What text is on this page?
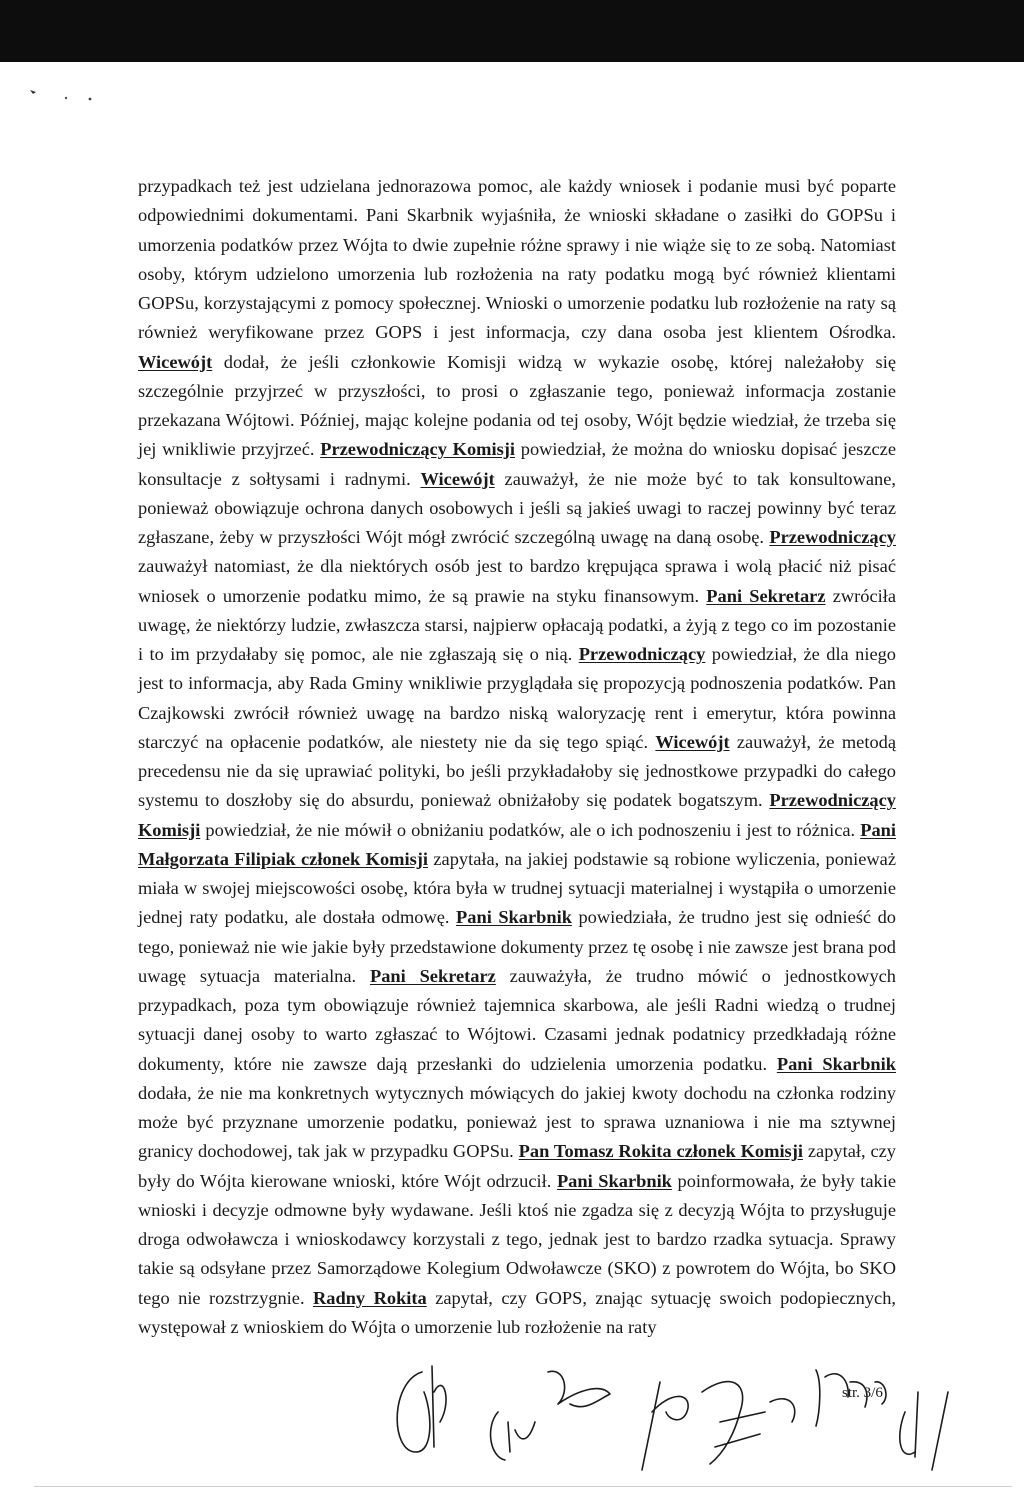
przypadkach też jest udzielana jednorazowa pomoc, ale każdy wniosek i podanie musi być poparte odpowiednimi dokumentami. Pani Skarbnik wyjaśniła, że wnioski składane o zasiłki do GOPSu i umorzenia podatków przez Wójta to dwie zupełnie różne sprawy i nie wiąże się to ze sobą. Natomiast osoby, którym udzielono umorzenia lub rozłożenia na raty podatku mogą być również klientami GOPSu, korzystającymi z pomocy społecznej. Wnioski o umorzenie podatku lub rozłożenie na raty są również weryfikowane przez GOPS i jest informacja, czy dana osoba jest klientem Ośrodka. Wicewójt dodał, że jeśli członkowie Komisji widzą w wykazie osobę, której należałoby się szczególnie przyjrzeć w przyszłości, to prosi o zgłaszanie tego, ponieważ informacja zostanie przekazana Wójtowi. Później, mając kolejne podania od tej osoby, Wójt będzie wiedział, że trzeba się jej wnikliwie przyjrzeć. Przewodniczący Komisji powiedział, że można do wniosku dopisać jeszcze konsultacje z sołtysami i radnymi. Wicewójt zauważył, że nie może być to tak konsultowane, ponieważ obowiązuje ochrona danych osobowych i jeśli są jakieś uwagi to raczej powinny być teraz zgłaszane, żeby w przyszłości Wójt mógł zwrócić szczególną uwagę na daną osobę. Przewodniczący zauważył natomiast, że dla niektórych osób jest to bardzo krępująca sprawa i wolą płacić niż pisać wniosek o umorzenie podatku mimo, że są prawie na styku finansowym. Pani Sekretarz zwróciła uwagę, że niektórzy ludzie, zwłaszcza starsi, najpierw opłacają podatki, a żyją z tego co im pozostanie i to im przydałaby się pomoc, ale nie zgłaszają się o nią. Przewodniczący powiedział, że dla niego jest to informacja, aby Rada Gminy wnikliwie przyglądała się propozycją podnoszenia podatków. Pan Czajkowski zwrócił również uwagę na bardzo niską waloryzację rent i emerytur, która powinna starczyć na opłacenie podatków, ale niestety nie da się tego spiąć. Wicewójt zauważył, że metodą precedensu nie da się uprawiać polityki, bo jeśli przykładałoby się jednostkowe przypadki do całego systemu to doszłoby się do absurdu, ponieważ obniżałoby się podatek bogatszym. Przewodniczący Komisji powiedział, że nie mówił o obniżaniu podatków, ale o ich podnoszeniu i jest to różnica. Pani Małgorzata Filipiak członek Komisji zapytała, na jakiej podstawie są robione wyliczenia, ponieważ miała w swojej miejscowości osobę, która była w trudnej sytuacji materialnej i wystąpiła o umorzenie jednej raty podatku, ale dostała odmowę. Pani Skarbnik powiedziała, że trudno jest się odnieść do tego, ponieważ nie wie jakie były przedstawione dokumenty przez tę osobę i nie zawsze jest brana pod uwagę sytuacja materialna. Pani Sekretarz zauważyła, że trudno mówić o jednostkowych przypadkach, poza tym obowiązuje również tajemnica skarbowa, ale jeśli Radni wiedzą o trudnej sytuacji danej osoby to warto zgłaszać to Wójtowi. Czasami jednak podatnicy przedkładają różne dokumenty, które nie zawsze dają przesłanki do udzielenia umorzenia podatku. Pani Skarbnik dodała, że nie ma konkretnych wytycznych mówiących do jakiej kwoty dochodu na członka rodziny może być przyznane umorzenie podatku, ponieważ jest to sprawa uznaniowa i nie ma sztywnej granicy dochodowej, tak jak w przypadku GOPSu. Pan Tomasz Rokita członek Komisji zapytał, czy były do Wójta kierowane wnioski, które Wójt odrzucił. Pani Skarbnik poinformowała, że były takie wnioski i decyzje odmowne były wydawane. Jeśli ktoś nie zgadza się z decyzją Wójta to przysługuje droga odwoławcza i wnioskodawcy korzystali z tego, jednak jest to bardzo rzadka sytuacja. Sprawy takie są odsyłane przez Samorządowe Kolegium Odwoławcze (SKO) z powrotem do Wójta, bo SKO tego nie rozstrzygnie. Radny Rokita zapytał, czy GOPS, znając sytuację swoich podopiecznych, występował z wnioskiem do Wójta o umorzenie lub rozłożenie na raty

str. 3/6
